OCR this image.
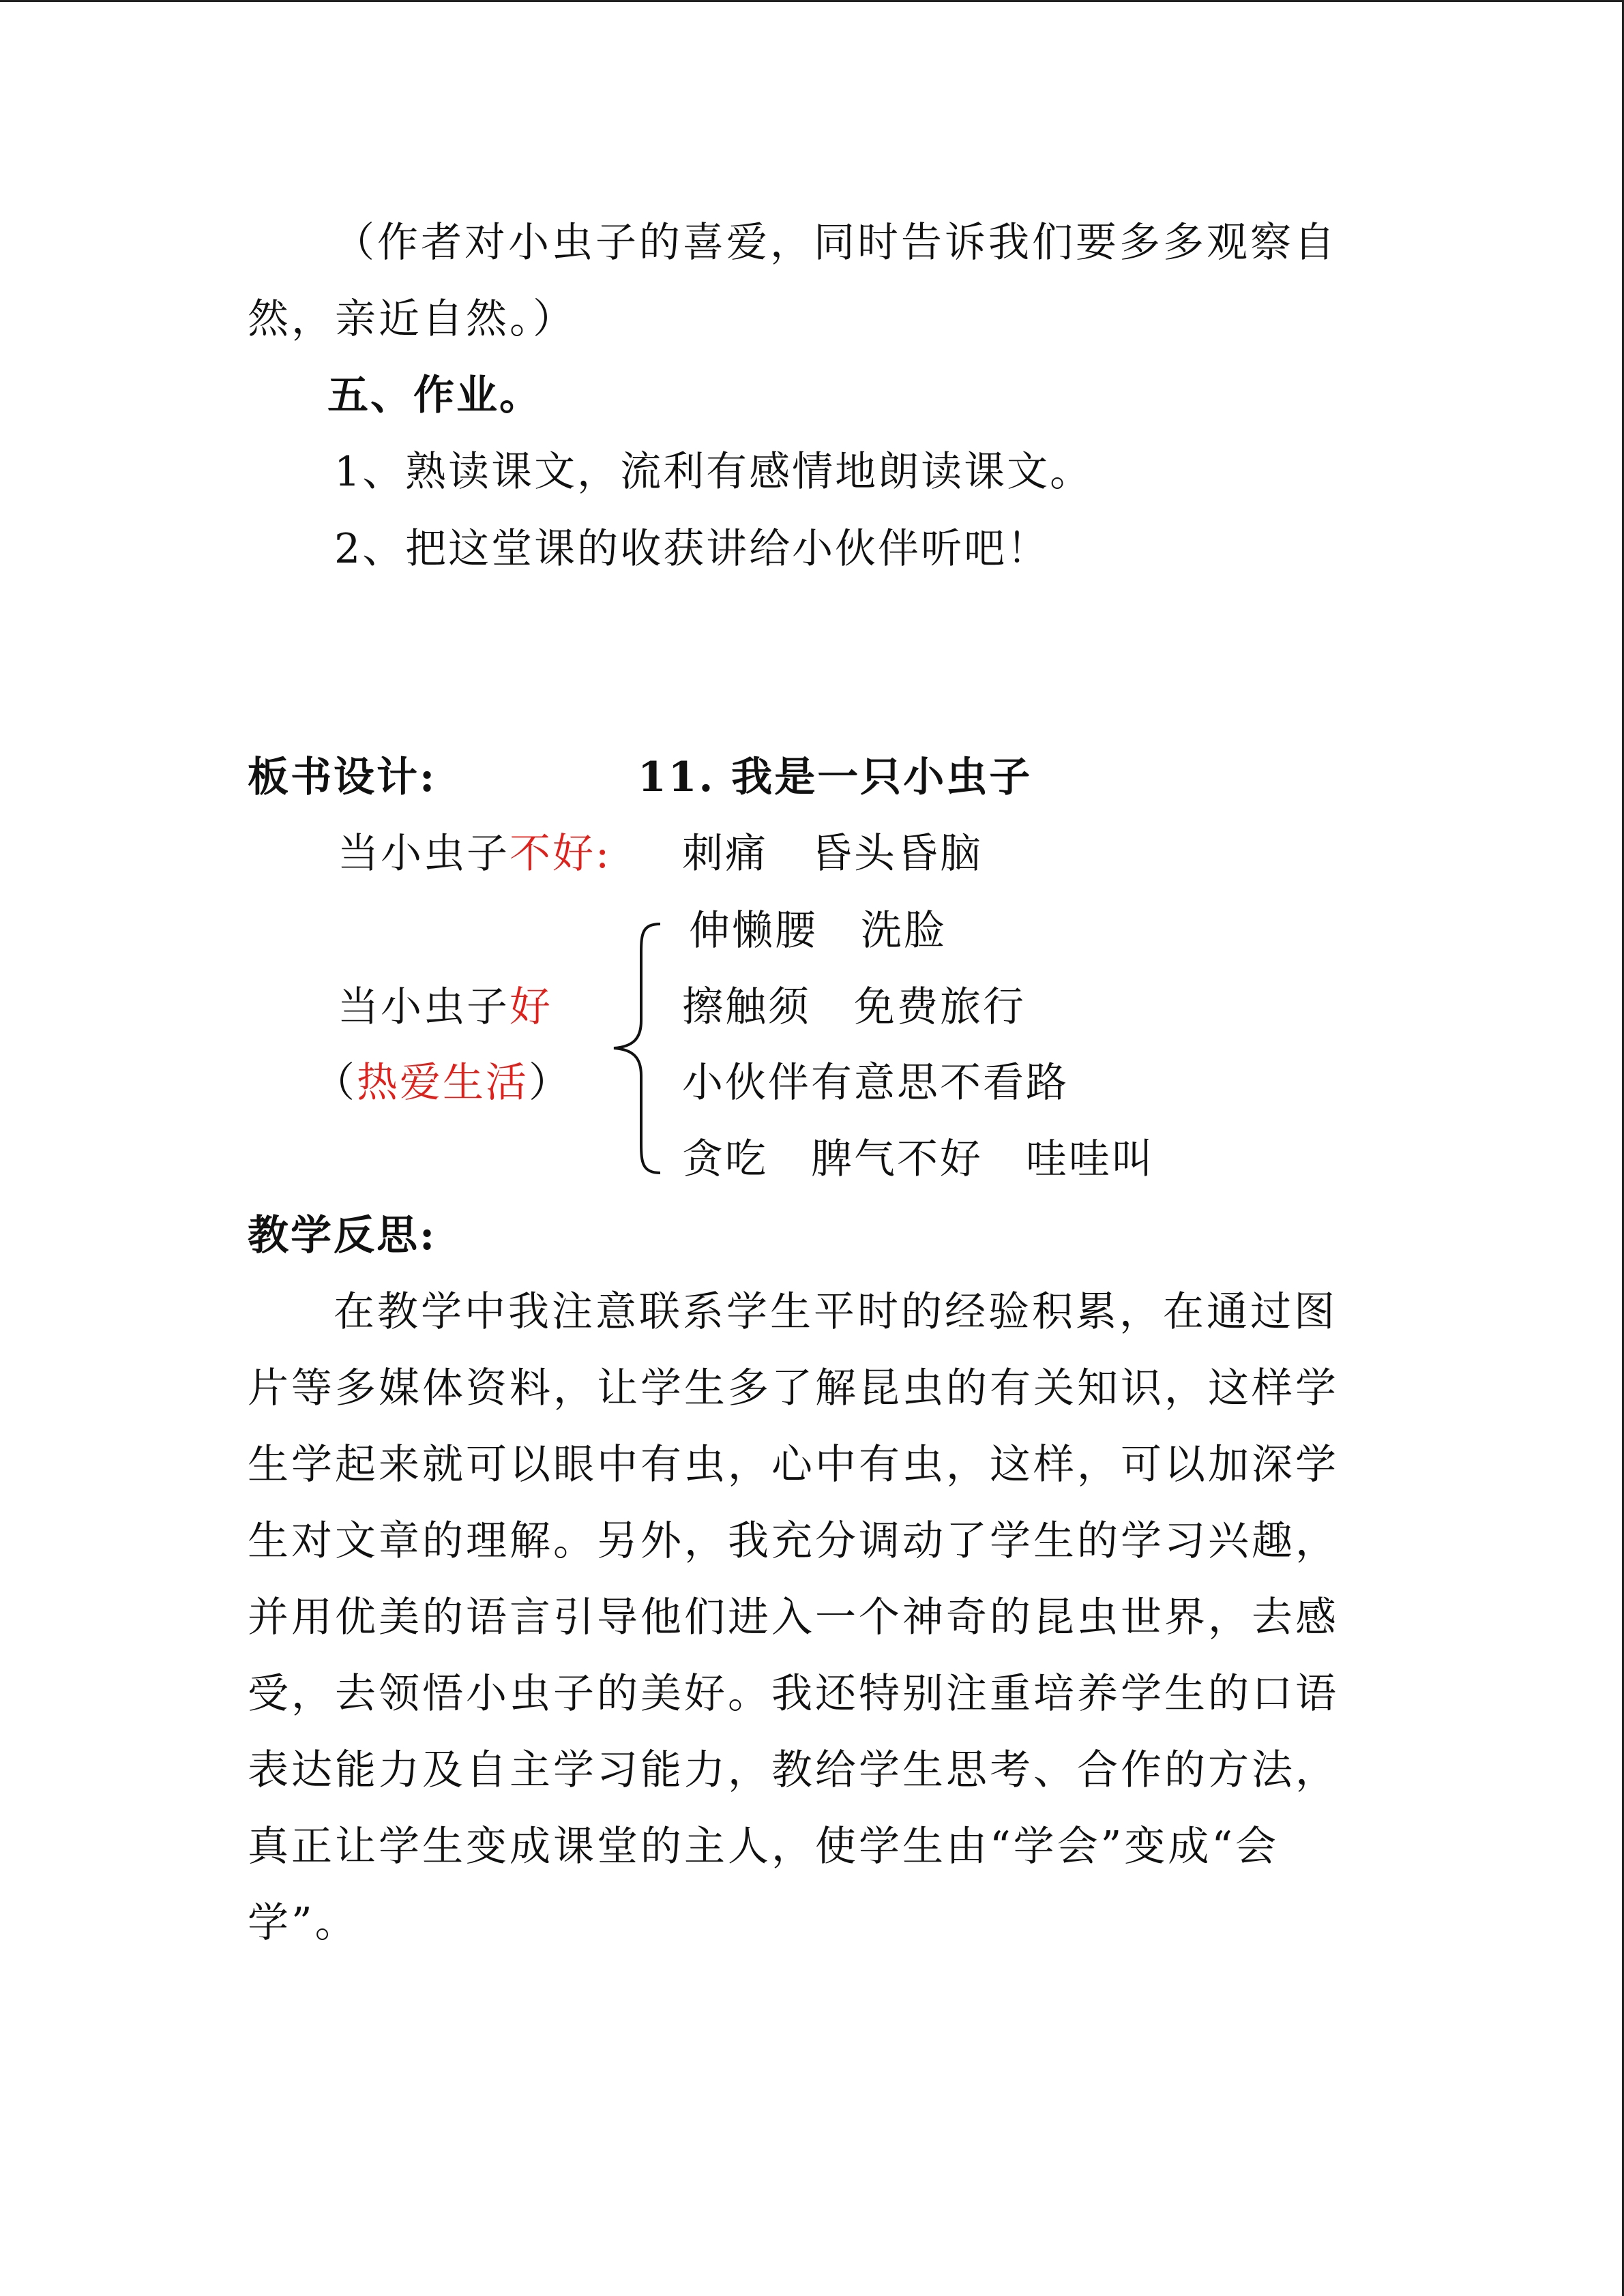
（作者对小虫子的喜爱，同时告诉我们要多多观察自然，亲近自然。）
五、作业。
1、熟读课文，流利有感情地朗读课文。
2、把这堂课的收获讲给小伙伴听吧！
板书设计:	11. 我是一只小虫子
当小虫子不好: 刺痛　昏头昏脑
伸懒腰　洗脸
当小虫子好	擦触须　免费旅行
（热爱生活）	小伙伴有意思不看路
贪吃　脾气不好　哇哇叫
教学反思:
在教学中我注意联系学生平时的经验积累，在通过图片等多媒体资料，让学生多了解昆虫的有关知识，这样学生学起来就可以眼中有虫，心中有虫，这样，可以加深学生对文章的理解。另外，我充分调动了学生的学习兴趣，并用优美的语言引导他们进入一个神奇的昆虫世界，去感受，去领悟小虫子的美好。我还特别注重培养学生的口语表达能力及自主学习能力，教给学生思考、合作的方法，真正让学生变成课堂的主人，使学生由“学会”变成“会学”。
